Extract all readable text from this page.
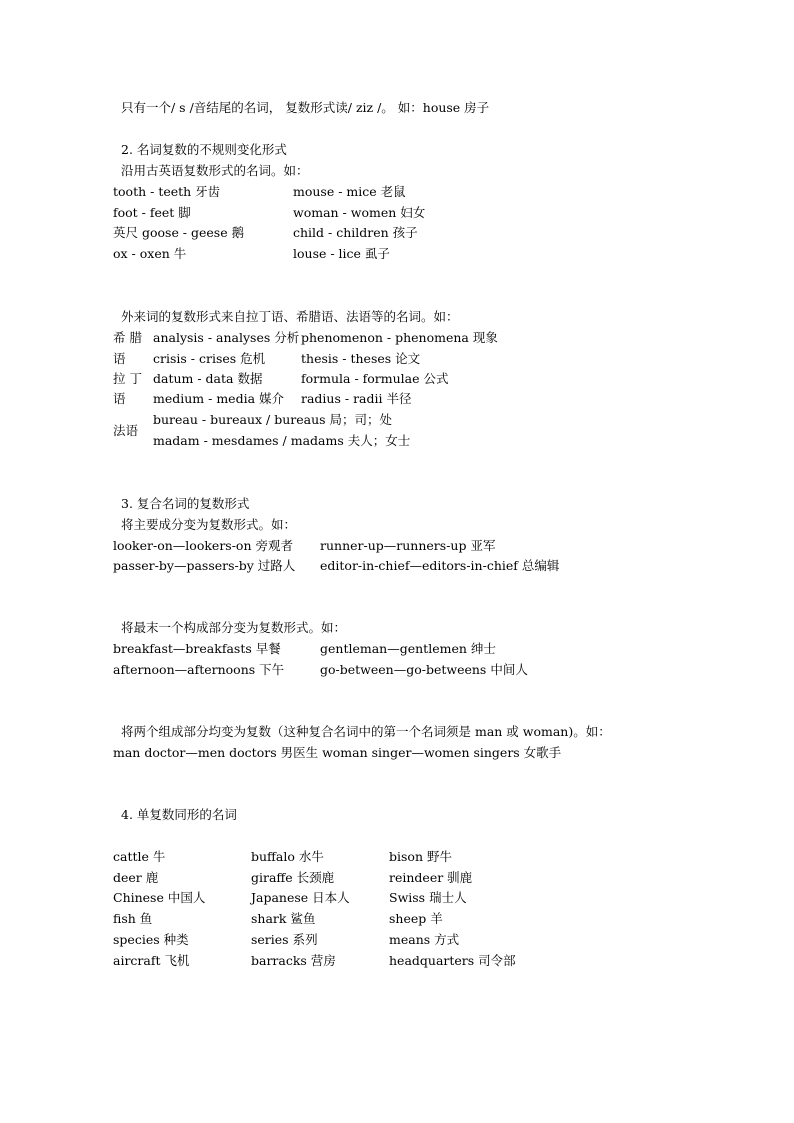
只有一个/ s /音结尾的名词， 复数形式读/ ziz /。 如：house 房子
2. 名词复数的不规则变化形式
沿用古英语复数形式的名词。如：
tooth - teeth 牙齿	mouse - mice 老鼠
foot - feet 脚	woman - women 妇女
英尺 goose - geese 鹅	child - children 孩子
ox - oxen 牛	louse - lice 虱子
外来词的复数形式来自拉丁语、希腊语、法语等的名词。如：
希 腊 analysis - analyses 分析 phenomenon - phenomena 现象
语 crisis - crises 危机	thesis - theses 论文
拉 丁 datum - data 数据	formula - formulae 公式
语 medium - media 媒介 radius - radii 半径
法语
bureau - bureaux / bureaus 局；司；处
madam - mesdames / madams 夫人；女士
3. 复合名词的复数形式
将主要成分变为复数形式。如：
looker-on—lookers-on 旁观者 runner-up—runners-up 亚军
passer-by—passers-by 过路人 editor-in-chief—editors-in-chief 总编辑
将最末一个构成部分变为复数形式。如：
breakfast—breakfasts 早餐	gentleman—gentlemen 绅士
afternoon—afternoons 下午	go-between—go-betweens 中间人
将两个组成部分均变为复数（这种复合名词中的第一个名词须是 man 或 woman)。如：
man doctor—men doctors 男医生 woman singer—women singers 女歌手
4. 单复数同形的名词
cattle 牛	buffalo 水牛	bison 野牛
deer 鹿	giraffe 长颈鹿	reindeer 驯鹿
Chinese 中国人	Japanese 日本人	Swiss 瑞士人
fish 鱼	shark 鲨鱼	sheep 羊
species 种类	series 系列	means 方式
aircraft 飞机	barracks 营房	headquarters 司令部
